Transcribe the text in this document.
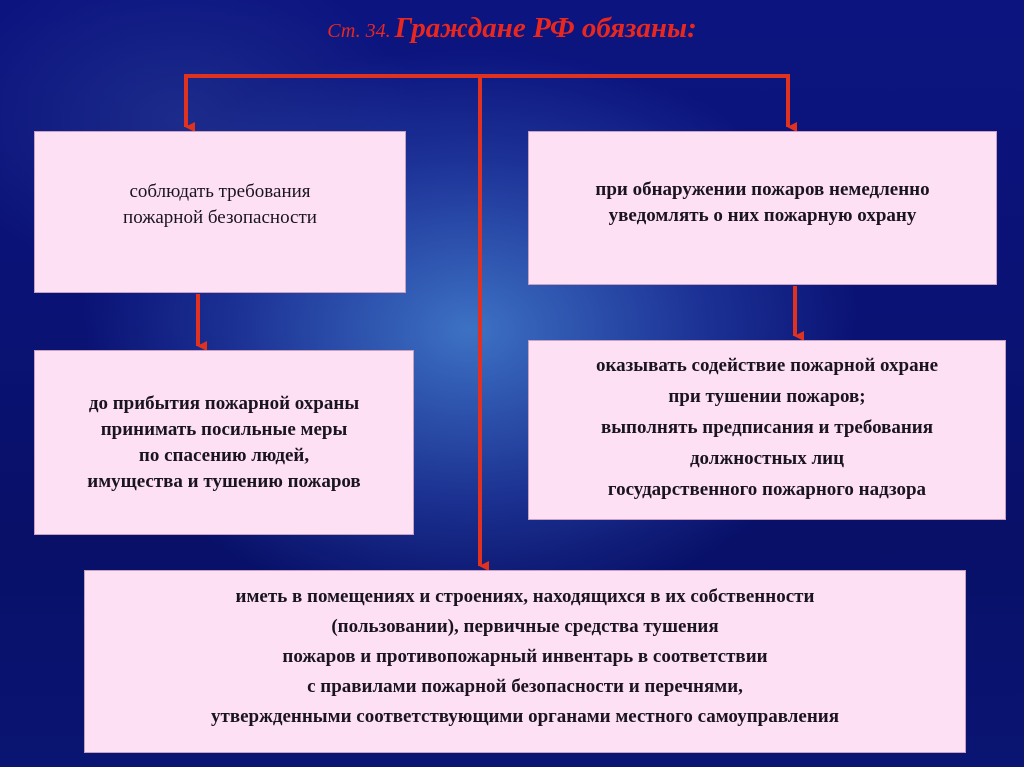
Ст. 34. Граждане РФ обязаны:
соблюдать требования
пожарной безопасности
при обнаружении пожаров немедленно
уведомлять о них пожарную охрану
до прибытия пожарной охраны
принимать посильные меры
по спасению людей,
имущества и тушению пожаров
оказывать содействие пожарной охране
при тушении пожаров;
выполнять предписания и требования
должностных лиц
государственного пожарного надзора
иметь в помещениях и строениях, находящихся в их собственности
(пользовании), первичные средства тушения
пожаров и противопожарный инвентарь в соответствии
с правилами пожарной безопасности и перечнями,
утвержденными соответствующими органами местного самоуправления
